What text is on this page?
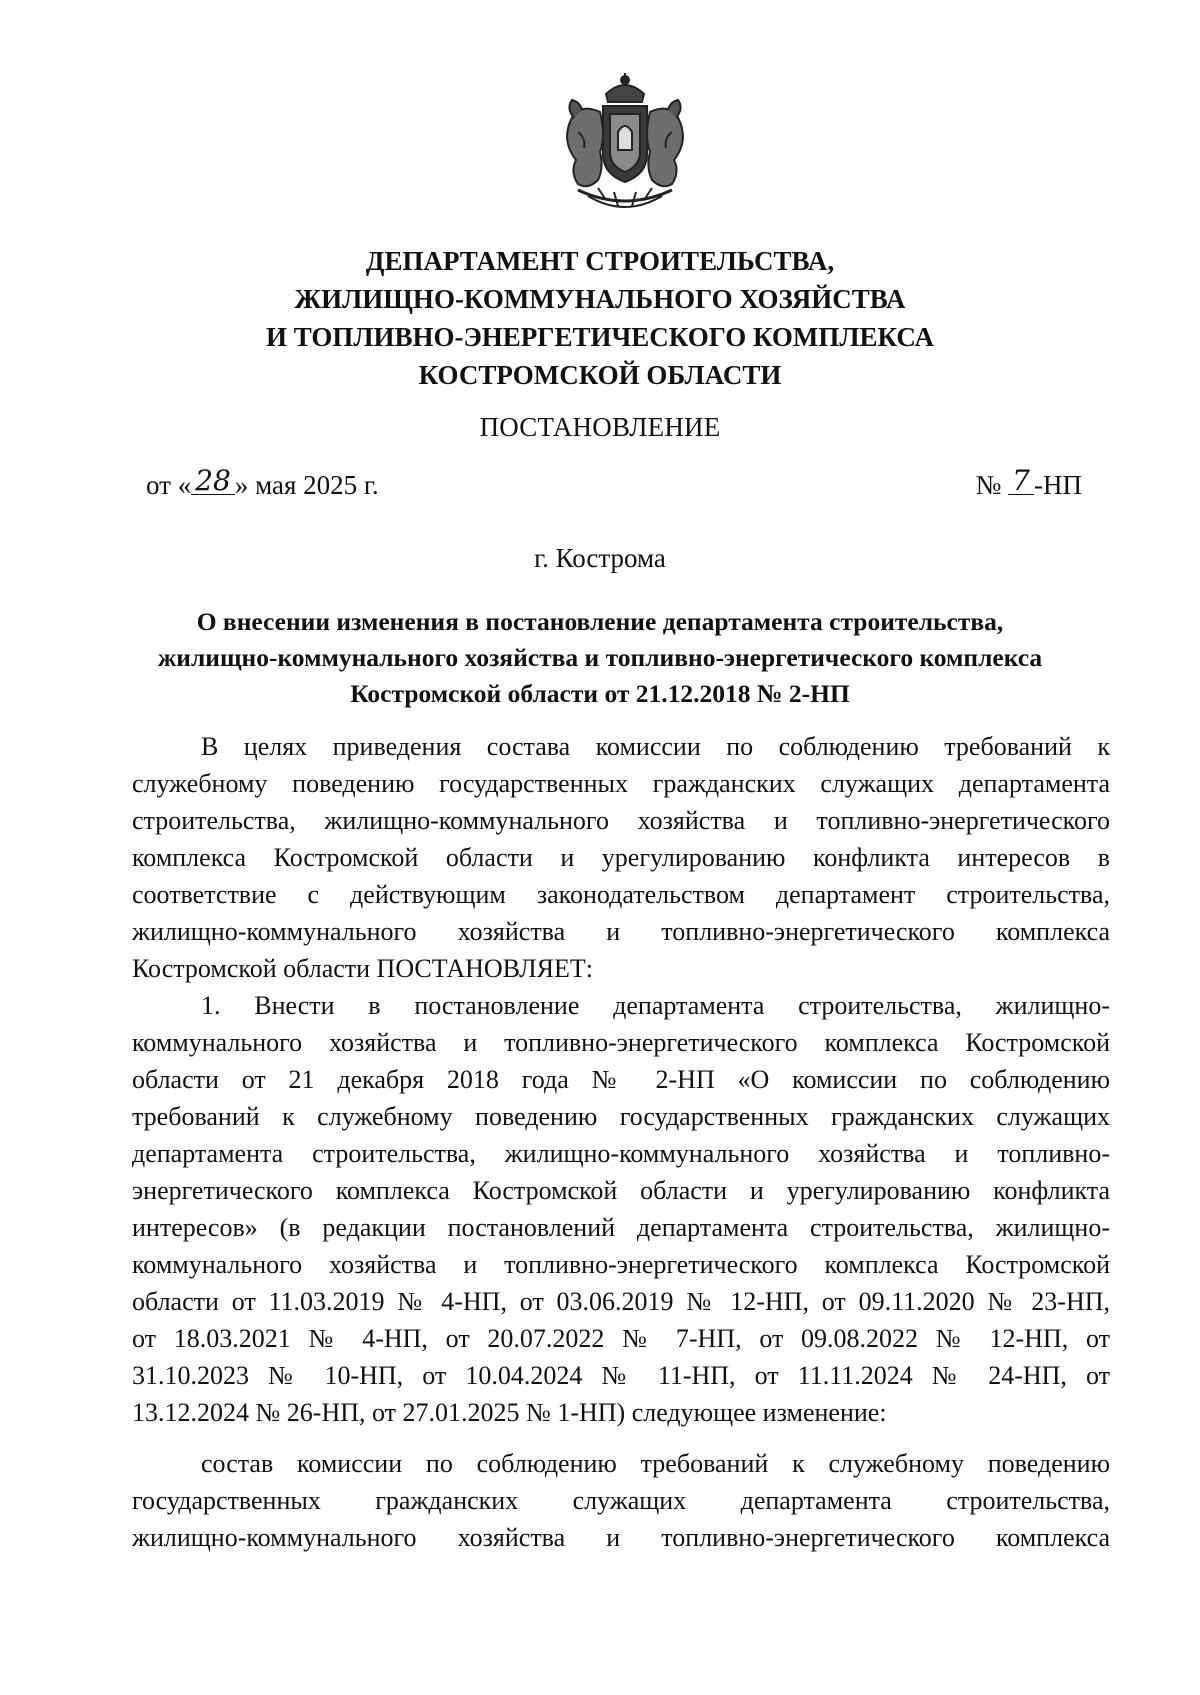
ДЕПАРТАМЕНТ СТРОИТЕЛЬСТВА,
ЖИЛИЩНО-КОММУНАЛЬНОГО ХОЗЯЙСТВА
И ТОПЛИВНО-ЭНЕРГЕТИЧЕСКОГО КОМПЛЕКСА
КОСТРОМСКОЙ ОБЛАСТИ
ПОСТАНОВЛЕНИЕ
от « 28 » мая 2025 г.	№ 7 -НП
г. Кострома
О внесении изменения в постановление департамента строительства,
жилищно-коммунального хозяйства и топливно-энергетического комплекса
Костромской области от 21.12.2018 № 2-НП
В целях приведения состава комиссии по соблюдению требований к
служебному поведению государственных гражданских служащих департамента
строительства, жилищно-коммунального хозяйства и топливно-энергетического
комплекса Костромской области и урегулированию конфликта интересов в
соответствие с действующим законодательством департамент строительства,
жилищно-коммунального хозяйства и топливно-энергетического комплекса
Костромской области ПОСТАНОВЛЯЕТ:
1. Внести в постановление департамента строительства, жилищно-
коммунального хозяйства и топливно-энергетического комплекса Костромской
области от 21 декабря 2018 года № 2-НП «О комиссии по соблюдению
требований к служебному поведению государственных гражданских служащих
департамента строительства, жилищно-коммунального хозяйства и топливно-
энергетического комплекса Костромской области и урегулированию конфликта
интересов» (в редакции постановлений департамента строительства, жилищно-
коммунального хозяйства и топливно-энергетического комплекса Костромской
области от 11.03.2019 № 4-НП, от 03.06.2019 № 12-НП, от 09.11.2020 № 23-НП,
от 18.03.2021 № 4-НП, от 20.07.2022 № 7-НП, от 09.08.2022 № 12-НП, от
31.10.2023 № 10-НП, от 10.04.2024 № 11-НП, от 11.11.2024 № 24-НП, от
13.12.2024 № 26-НП, от 27.01.2025 № 1-НП) следующее изменение:
состав комиссии по соблюдению требований к служебному поведению
государственных гражданских служащих департамента строительства,
жилищно-коммунального хозяйства и топливно-энергетического комплекса
